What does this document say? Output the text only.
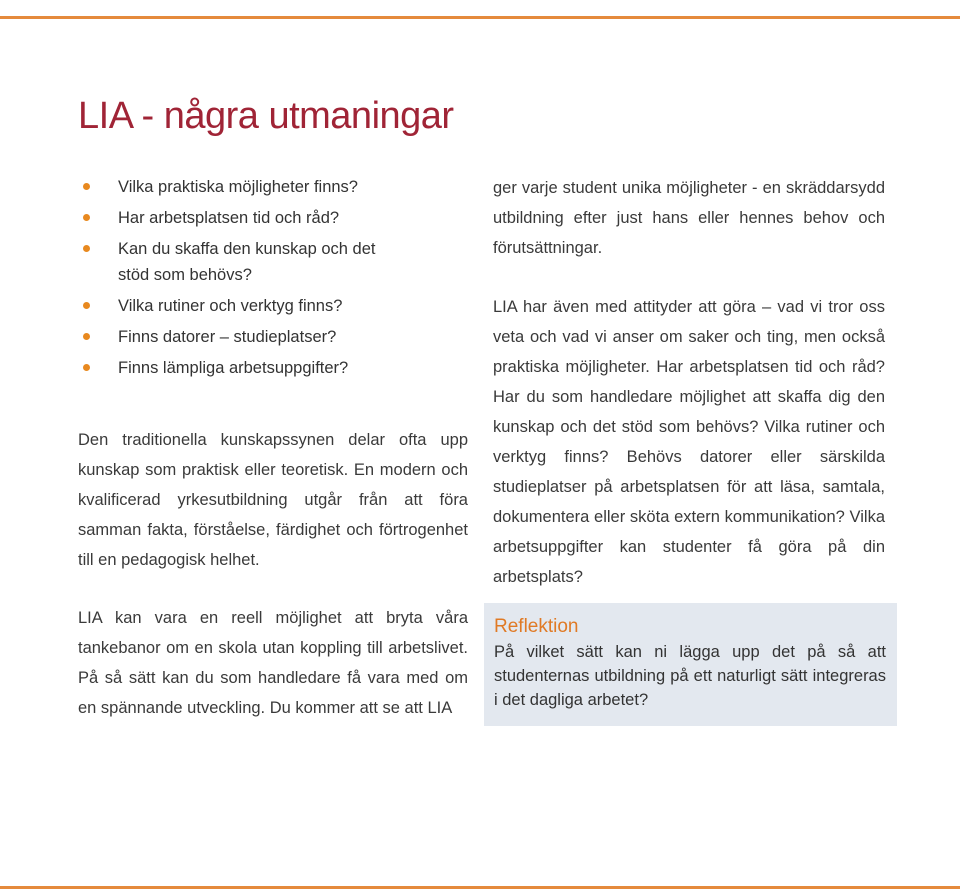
LIA - några utmaningar
Vilka praktiska möjligheter finns?
Har arbetsplatsen tid och råd?
Kan du skaffa den kunskap och det stöd som behövs?
Vilka rutiner och verktyg finns?
Finns datorer – studieplatser?
Finns lämpliga arbetsuppgifter?

Den traditionella kunskapssynen delar ofta upp kunskap som praktisk eller teoretisk. En modern och kvalificerad yrkesutbildning utgår från att föra samman fakta, förståelse, färdighet och förtrogenhet till en pedagogisk helhet.

LIA kan vara en reell möjlighet att bryta våra tankebanor om en skola utan koppling till arbetslivet. På så sätt kan du som handledare få vara med om en spännande utveckling. Du kommer att se att LIA

ger varje student unika möjligheter - en skräddarsydd utbildning efter just hans eller hennes behov och förutsättningar.

LIA har även med attityder att göra – vad vi tror oss veta och vad vi anser om saker och ting, men också praktiska möjligheter. Har arbetsplatsen tid och råd? Har du som handledare möjlighet att skaffa dig den kunskap och det stöd som behövs? Vilka rutiner och verktyg finns? Behövs datorer eller särskilda studieplatser på arbetsplatsen för att läsa, samtala, dokumentera eller sköta extern kommunikation? Vilka arbetsuppgifter kan studenter få göra på din arbetsplats?

Reflektion

På vilket sätt kan ni lägga upp det på så att studenternas utbildning på ett naturligt sätt integreras i det dagliga arbetet?
